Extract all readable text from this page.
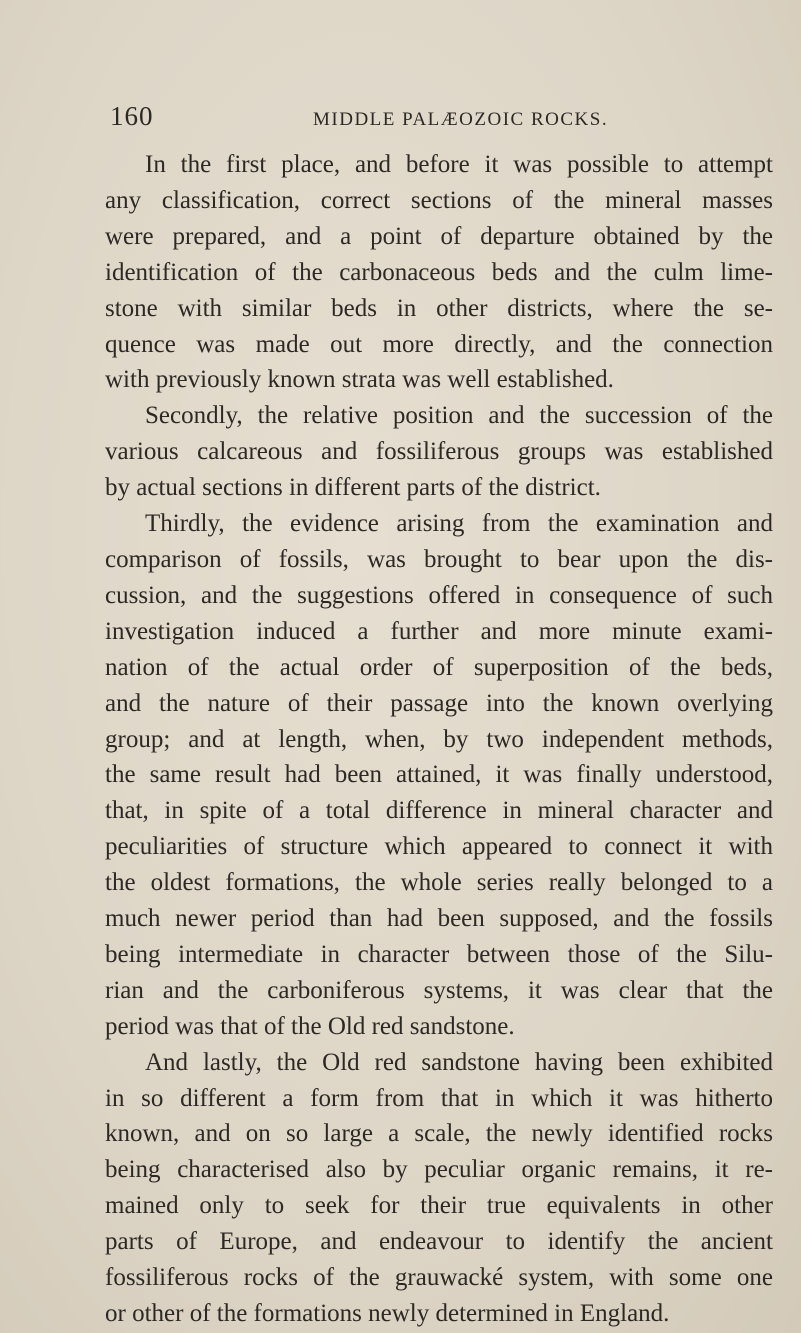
160	MIDDLE PALÆOZOIC ROCKS.

In the first place, and before it was possible to attempt
any classification, correct sections of the mineral masses
were prepared, and a point of departure obtained by the
identification of the carbonaceous beds and the culm lime-
stone with similar beds in other districts, where the se-
quence was made out more directly, and the connection
with previously known strata was well established.

Secondly, the relative position and the succession of the
various calcareous and fossiliferous groups was established
by actual sections in different parts of the district.

Thirdly, the evidence arising from the examination and
comparison of fossils, was brought to bear upon the dis-
cussion, and the suggestions offered in consequence of such
investigation induced a further and more minute exami-
nation of the actual order of superposition of the beds,
and the nature of their passage into the known overlying
group; and at length, when, by two independent methods,
the same result had been attained, it was finally understood,
that, in spite of a total difference in mineral character and
peculiarities of structure which appeared to connect it with
the oldest formations, the whole series really belonged to a
much newer period than had been supposed, and the fossils
being intermediate in character between those of the Silu-
rian and the carboniferous systems, it was clear that the
period was that of the Old red sandstone.

And lastly, the Old red sandstone having been exhibited
in so different a form from that in which it was hitherto
known, and on so large a scale, the newly identified rocks
being characterised also by peculiar organic remains, it re-
mained only to seek for their true equivalents in other
parts of Europe, and endeavour to identify the ancient
fossiliferous rocks of the grauwacké system, with some one
or other of the formations newly determined in England.
